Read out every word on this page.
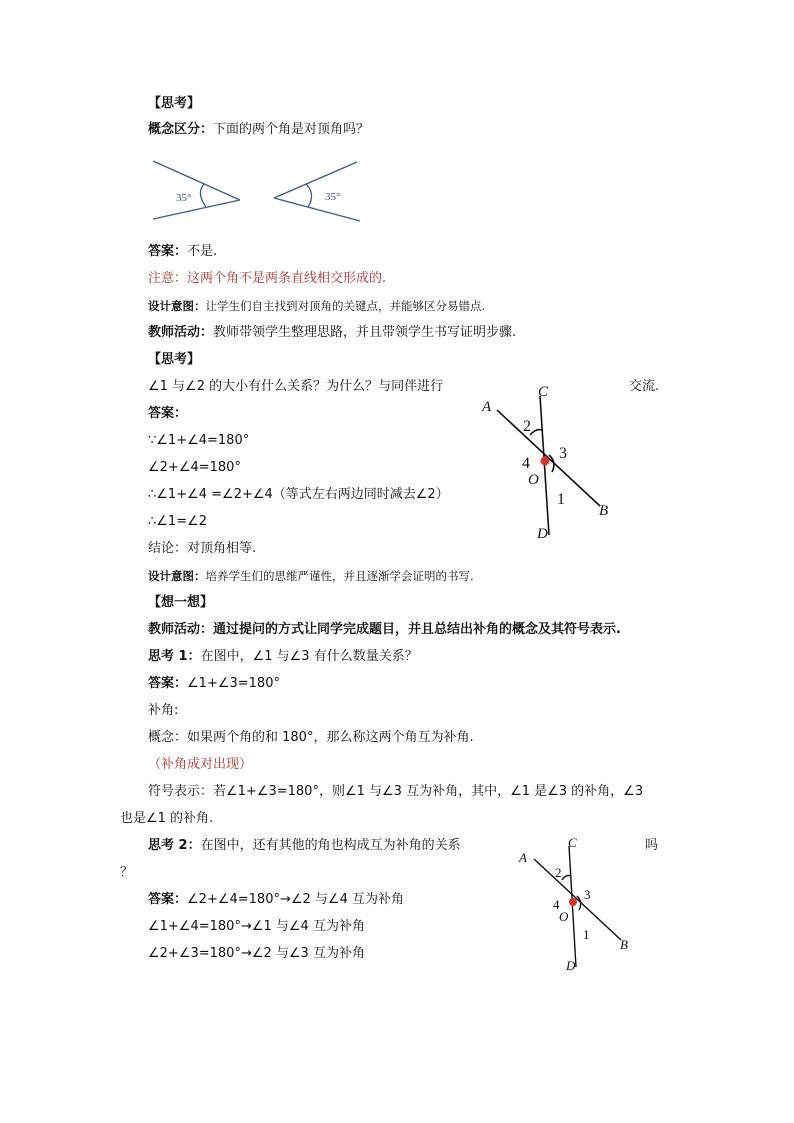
【思考】
概念区分：下面的两个角是对顶角吗？
35°	35°
答案：不是.
注意：这两个角不是两条直线相交形成的.
设计意图：让学生们自主找到对顶角的关键点，并能够区分易错点.
教师活动：教师带领学生整理思路，并且带领学生书写证明步骤.
【思考】
∠1 与∠2 的大小有什么关系？为什么？与同伴进行	交流.
答案：
∵∠1+∠4=180°
∠2+∠4=180°
∴∠1+∠4 =∠2+∠4（等式左右两边同时减去∠2）
∴∠1=∠2
结论：对顶角相等.
设计意图：培养学生们的思维严谨性，并且逐渐学会证明的书写.
A
B
C
D
O
1
2
3
4
【想一想】
教师活动：通过提问的方式让同学完成题目，并且总结出补角的概念及其符号表示.
思考 1：在图中，∠1 与∠3 有什么数量关系？
答案：∠1+∠3=180°
补角:
概念：如果两个角的和 180°，那么称这两个角互为补角.
（补角成对出现）
符号表示：若∠1+∠3=180°，则∠1 与∠3 互为补角，其中，∠1 是∠3 的补角，∠3
也是∠1 的补角.
思考 2：在图中，还有其他的角也构成互为补角的关系	吗
？
答案：∠2+∠4=180°→∠2 与∠4 互为补角
∠1+∠4=180°→∠1 与∠4 互为补角
∠2+∠3=180°→∠2 与∠3 互为补角
A
B
C
D
O
1
2
3
4
